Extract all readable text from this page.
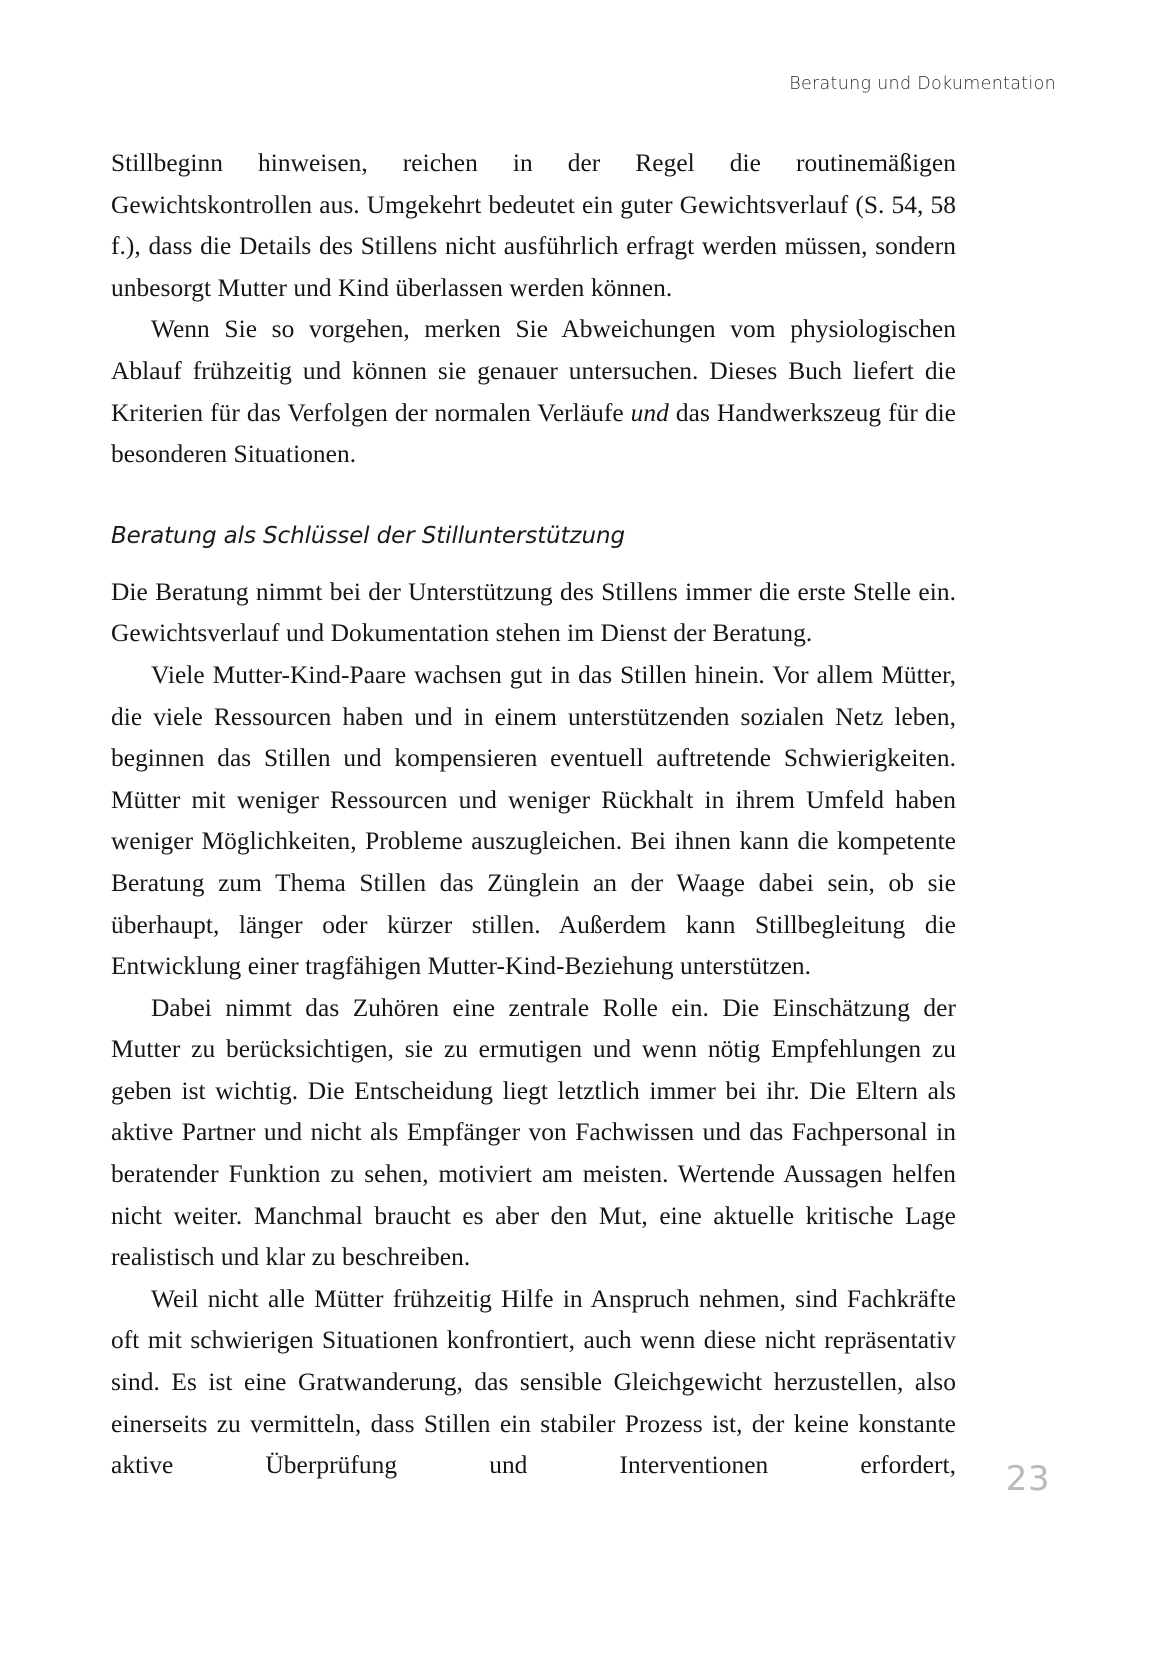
Beratung und Dokumentation

Stillbeginn hinweisen, reichen in der Regel die routinemäßigen Gewichtskontrollen aus. Umgekehrt bedeutet ein guter Gewichtsverlauf (S. 54, 58 f.), dass die Details des Stillens nicht ausführlich erfragt werden müssen, sondern unbesorgt Mutter und Kind überlassen werden können.

Wenn Sie so vorgehen, merken Sie Abweichungen vom physiologischen Ablauf frühzeitig und können sie genauer untersuchen. Dieses Buch liefert die Kriterien für das Verfolgen der normalen Verläufe und das Handwerkszeug für die besonderen Situationen.

Beratung als Schlüssel der Stillunterstützung

Die Beratung nimmt bei der Unterstützung des Stillens immer die erste Stelle ein. Gewichtsverlauf und Dokumentation stehen im Dienst der Beratung.

Viele Mutter-Kind-Paare wachsen gut in das Stillen hinein. Vor allem Mütter, die viele Ressourcen haben und in einem unterstützenden sozialen Netz leben, beginnen das Stillen und kompensieren eventuell auftretende Schwierigkeiten. Mütter mit weniger Ressourcen und weniger Rückhalt in ihrem Umfeld haben weniger Möglichkeiten, Probleme auszugleichen. Bei ihnen kann die kompetente Beratung zum Thema Stillen das Zünglein an der Waage dabei sein, ob sie überhaupt, länger oder kürzer stillen. Außerdem kann Stillbegleitung die Entwicklung einer tragfähigen Mutter-Kind-Beziehung unterstützen.

Dabei nimmt das Zuhören eine zentrale Rolle ein. Die Einschätzung der Mutter zu berücksichtigen, sie zu ermutigen und wenn nötig Empfehlungen zu geben ist wichtig. Die Entscheidung liegt letztlich immer bei ihr. Die Eltern als aktive Partner und nicht als Empfänger von Fachwissen und das Fachpersonal in beratender Funktion zu sehen, motiviert am meisten. Wertende Aussagen helfen nicht weiter. Manchmal braucht es aber den Mut, eine aktuelle kritische Lage realistisch und klar zu beschreiben.

Weil nicht alle Mütter frühzeitig Hilfe in Anspruch nehmen, sind Fachkräfte oft mit schwierigen Situationen konfrontiert, auch wenn diese nicht repräsentativ sind. Es ist eine Gratwanderung, das sensible Gleichgewicht herzustellen, also einerseits zu vermitteln, dass Stillen ein stabiler Prozess ist, der keine konstante aktive Überprüfung und Interventionen erfordert, 23
